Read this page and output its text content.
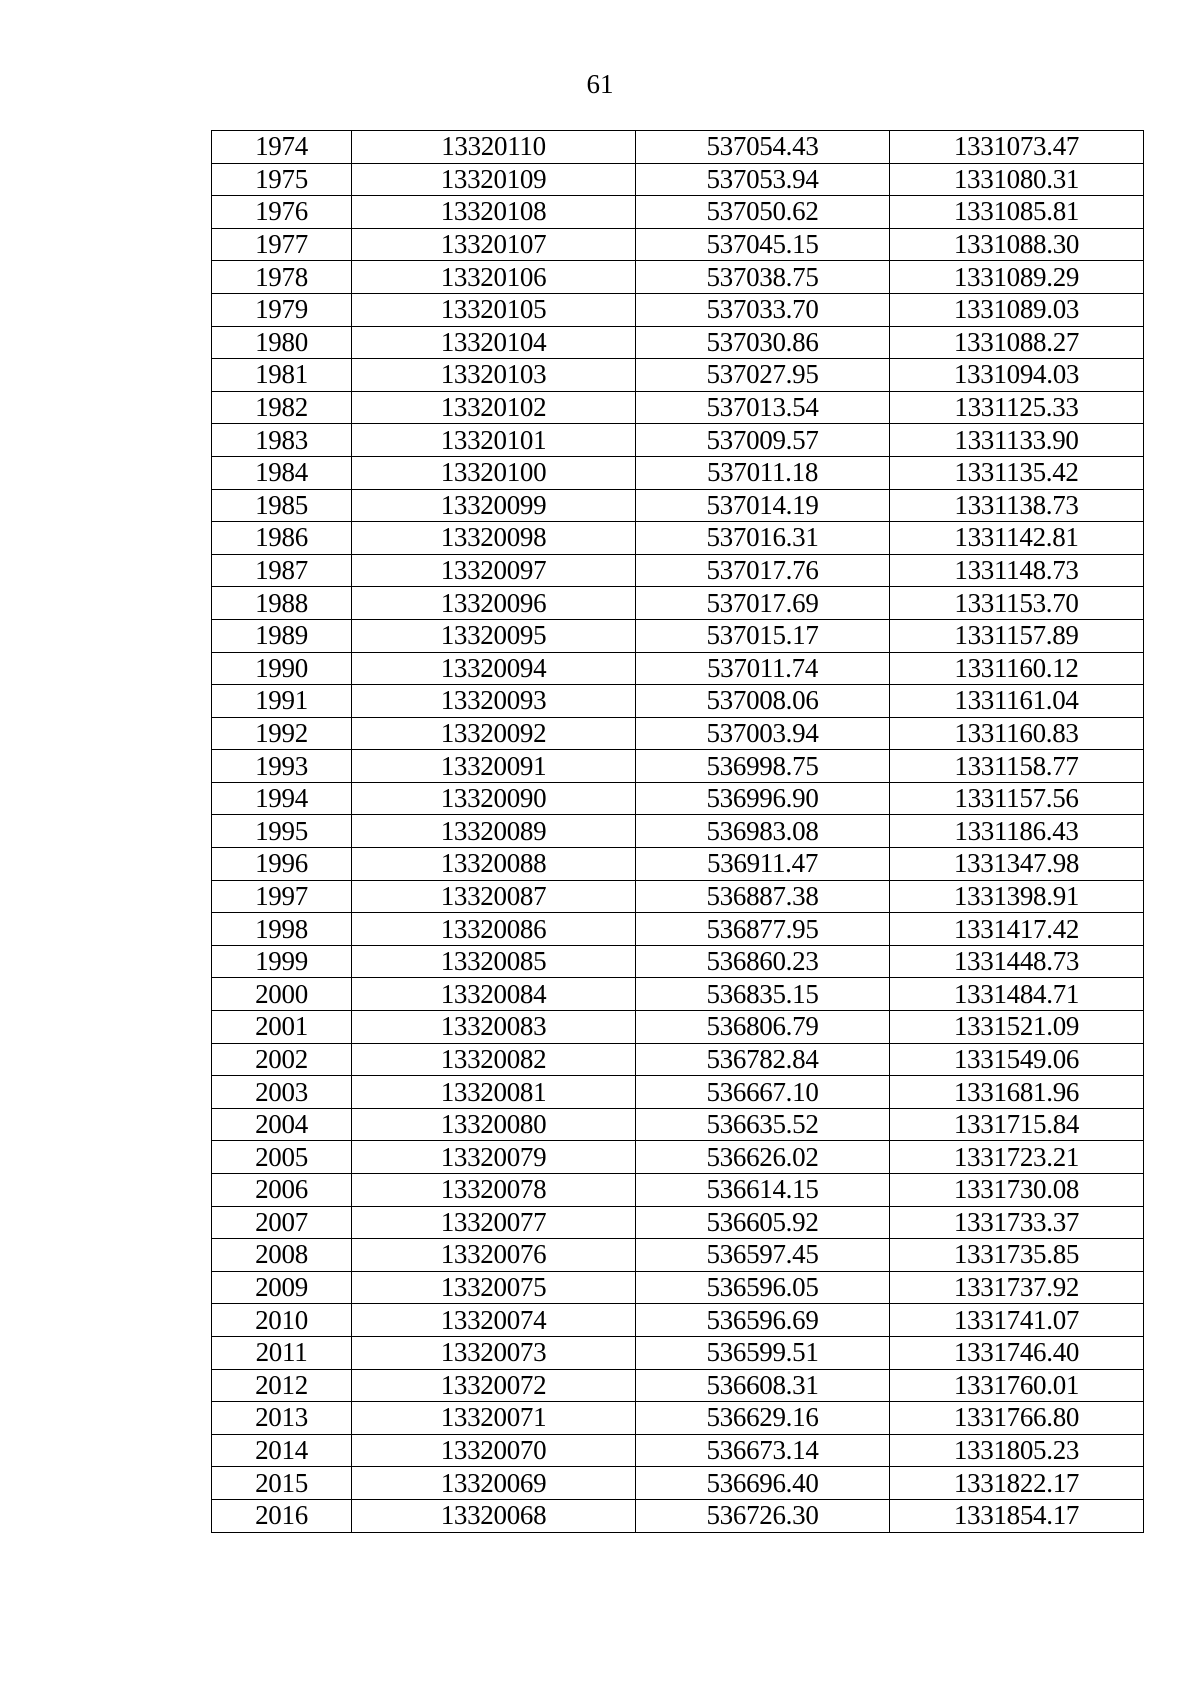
61
1974	13320110	537054.43	1331073.47
1975	13320109	537053.94	1331080.31
1976	13320108	537050.62	1331085.81
1977	13320107	537045.15	1331088.30
1978	13320106	537038.75	1331089.29
1979	13320105	537033.70	1331089.03
1980	13320104	537030.86	1331088.27
1981	13320103	537027.95	1331094.03
1982	13320102	537013.54	1331125.33
1983	13320101	537009.57	1331133.90
1984	13320100	537011.18	1331135.42
1985	13320099	537014.19	1331138.73
1986	13320098	537016.31	1331142.81
1987	13320097	537017.76	1331148.73
1988	13320096	537017.69	1331153.70
1989	13320095	537015.17	1331157.89
1990	13320094	537011.74	1331160.12
1991	13320093	537008.06	1331161.04
1992	13320092	537003.94	1331160.83
1993	13320091	536998.75	1331158.77
1994	13320090	536996.90	1331157.56
1995	13320089	536983.08	1331186.43
1996	13320088	536911.47	1331347.98
1997	13320087	536887.38	1331398.91
1998	13320086	536877.95	1331417.42
1999	13320085	536860.23	1331448.73
2000	13320084	536835.15	1331484.71
2001	13320083	536806.79	1331521.09
2002	13320082	536782.84	1331549.06
2003	13320081	536667.10	1331681.96
2004	13320080	536635.52	1331715.84
2005	13320079	536626.02	1331723.21
2006	13320078	536614.15	1331730.08
2007	13320077	536605.92	1331733.37
2008	13320076	536597.45	1331735.85
2009	13320075	536596.05	1331737.92
2010	13320074	536596.69	1331741.07
2011	13320073	536599.51	1331746.40
2012	13320072	536608.31	1331760.01
2013	13320071	536629.16	1331766.80
2014	13320070	536673.14	1331805.23
2015	13320069	536696.40	1331822.17
2016	13320068	536726.30	1331854.17
